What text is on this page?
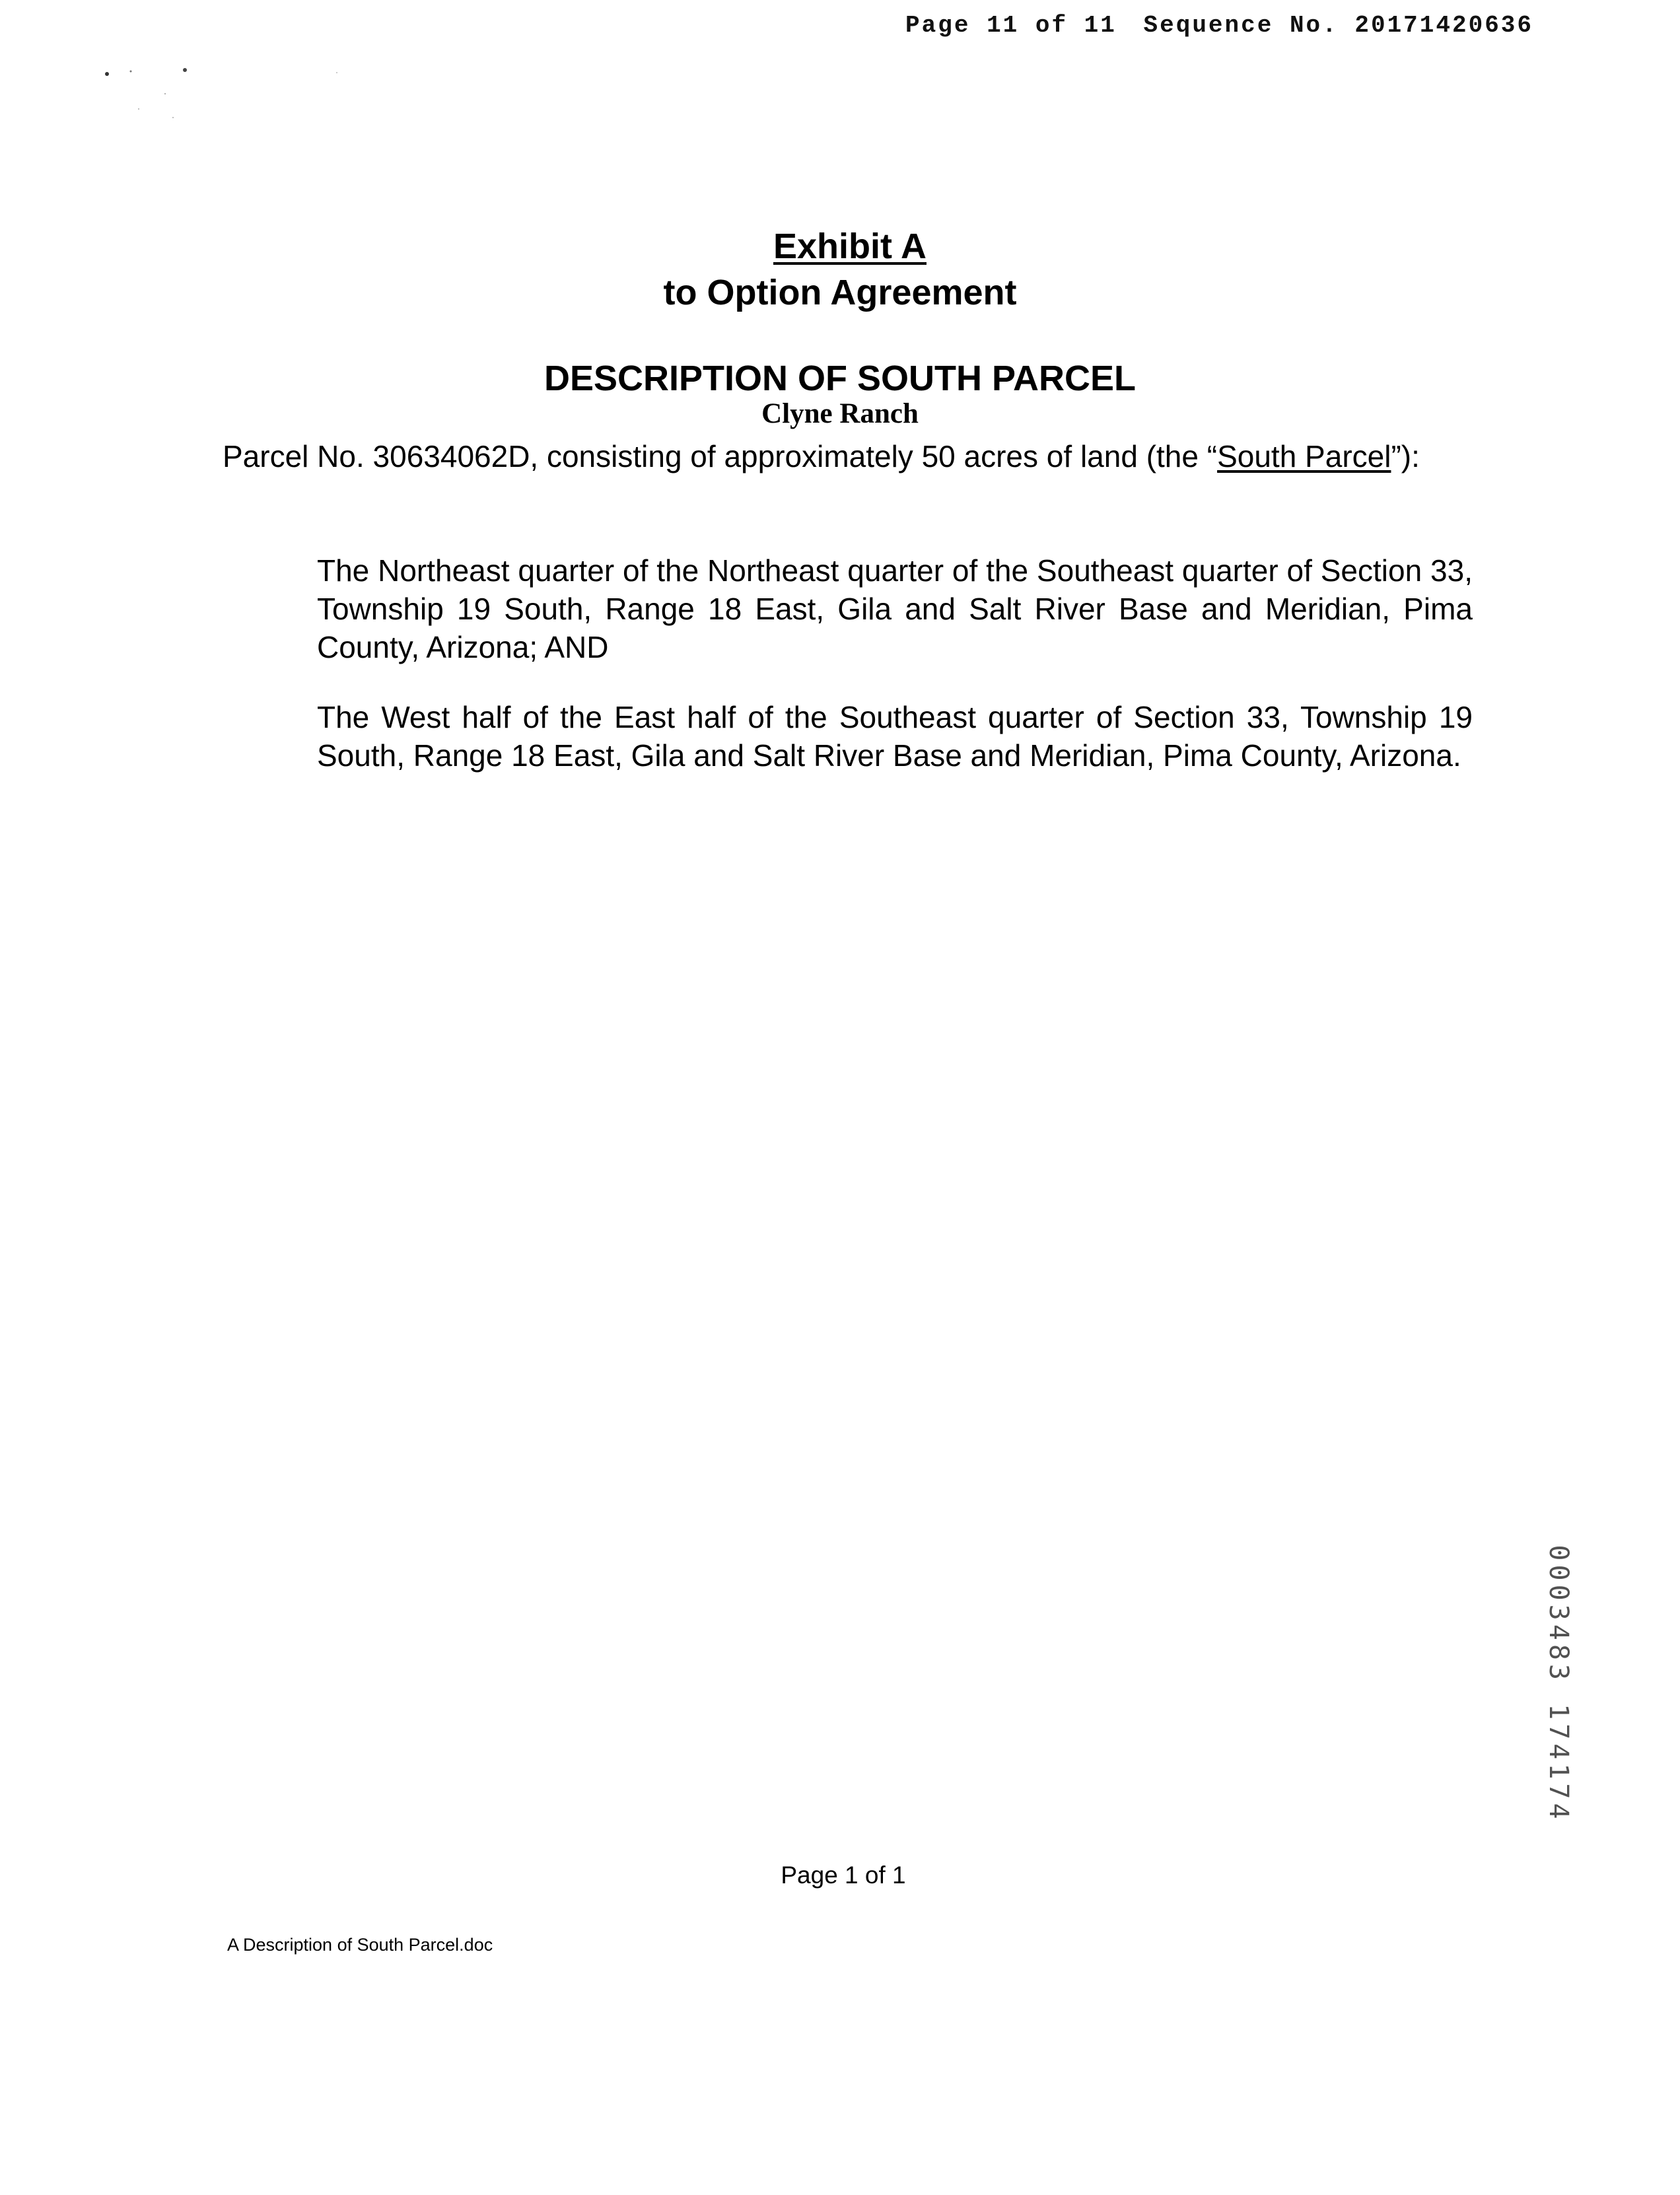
Page 11 of 11 Sequence No. 20171420636
Exhibit A
to Option Agreement
DESCRIPTION OF SOUTH PARCEL
Clyne Ranch
Parcel No. 30634062D, consisting of approximately 50 acres of land (the “South Parcel”):
The Northeast quarter of the Northeast quarter of the Southeast quarter of Section 33, Township 19 South, Range 18 East, Gila and Salt River Base and Meridian, Pima County, Arizona; AND
The West half of the East half of the Southeast quarter of Section 33, Township 19 South, Range 18 East, Gila and Salt River Base and Meridian, Pima County, Arizona.
Page 1 of 1
A Description of South Parcel.doc
0003483 174174
